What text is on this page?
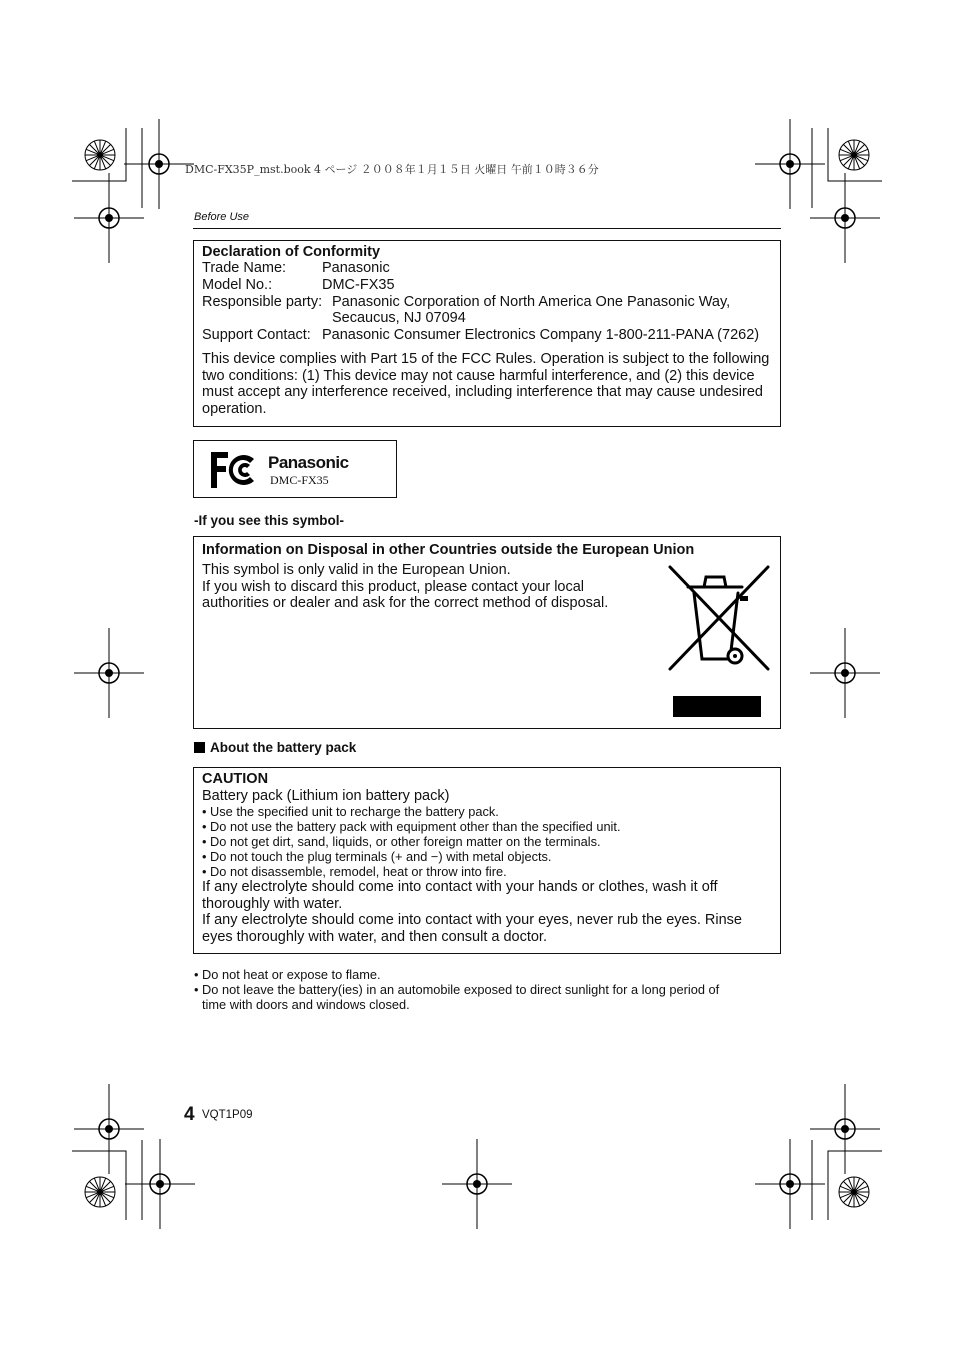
DMC-FX35P_mst.book 4 ページ ２００８年１月１５日 火曜日 午前１０時３６分
Before Use
Declaration of Conformity
Trade Name: Panasonic
Model No.:	DMC-FX35
Responsible party: Panasonic Corporation of North America One Panasonic Way,
Secaucus, NJ 07094
Support Contact: Panasonic Consumer Electronics Company 1-800-211-PANA (7262)
This device complies with Part 15 of the FCC Rules. Operation is subject to the following
two conditions: (1) This device may not cause harmful interference, and (2) this device
must accept any interference received, including interference that may cause undesired
operation.
Panasonic
DMC-FX35
-If you see this symbol-
Information on Disposal in other Countries outside the European Union
This symbol is only valid in the European Union.
If you wish to discard this product, please contact your local
authorities or dealer and ask for the correct method of disposal.
About the battery pack
CAUTION
Battery pack (Lithium ion battery pack)
• Use the specified unit to recharge the battery pack.
• Do not use the battery pack with equipment other than the specified unit.
• Do not get dirt, sand, liquids, or other foreign matter on the terminals.
• Do not touch the plug terminals (+ and −) with metal objects.
• Do not disassemble, remodel, heat or throw into fire.
If any electrolyte should come into contact with your hands or clothes, wash it off
thoroughly with water.
If any electrolyte should come into contact with your eyes, never rub the eyes. Rinse
eyes thoroughly with water, and then consult a doctor.
• Do not heat or expose to flame.
• Do not leave the battery(ies) in an automobile exposed to direct sunlight for a long period of
time with doors and windows closed.
4 VQT1P09
